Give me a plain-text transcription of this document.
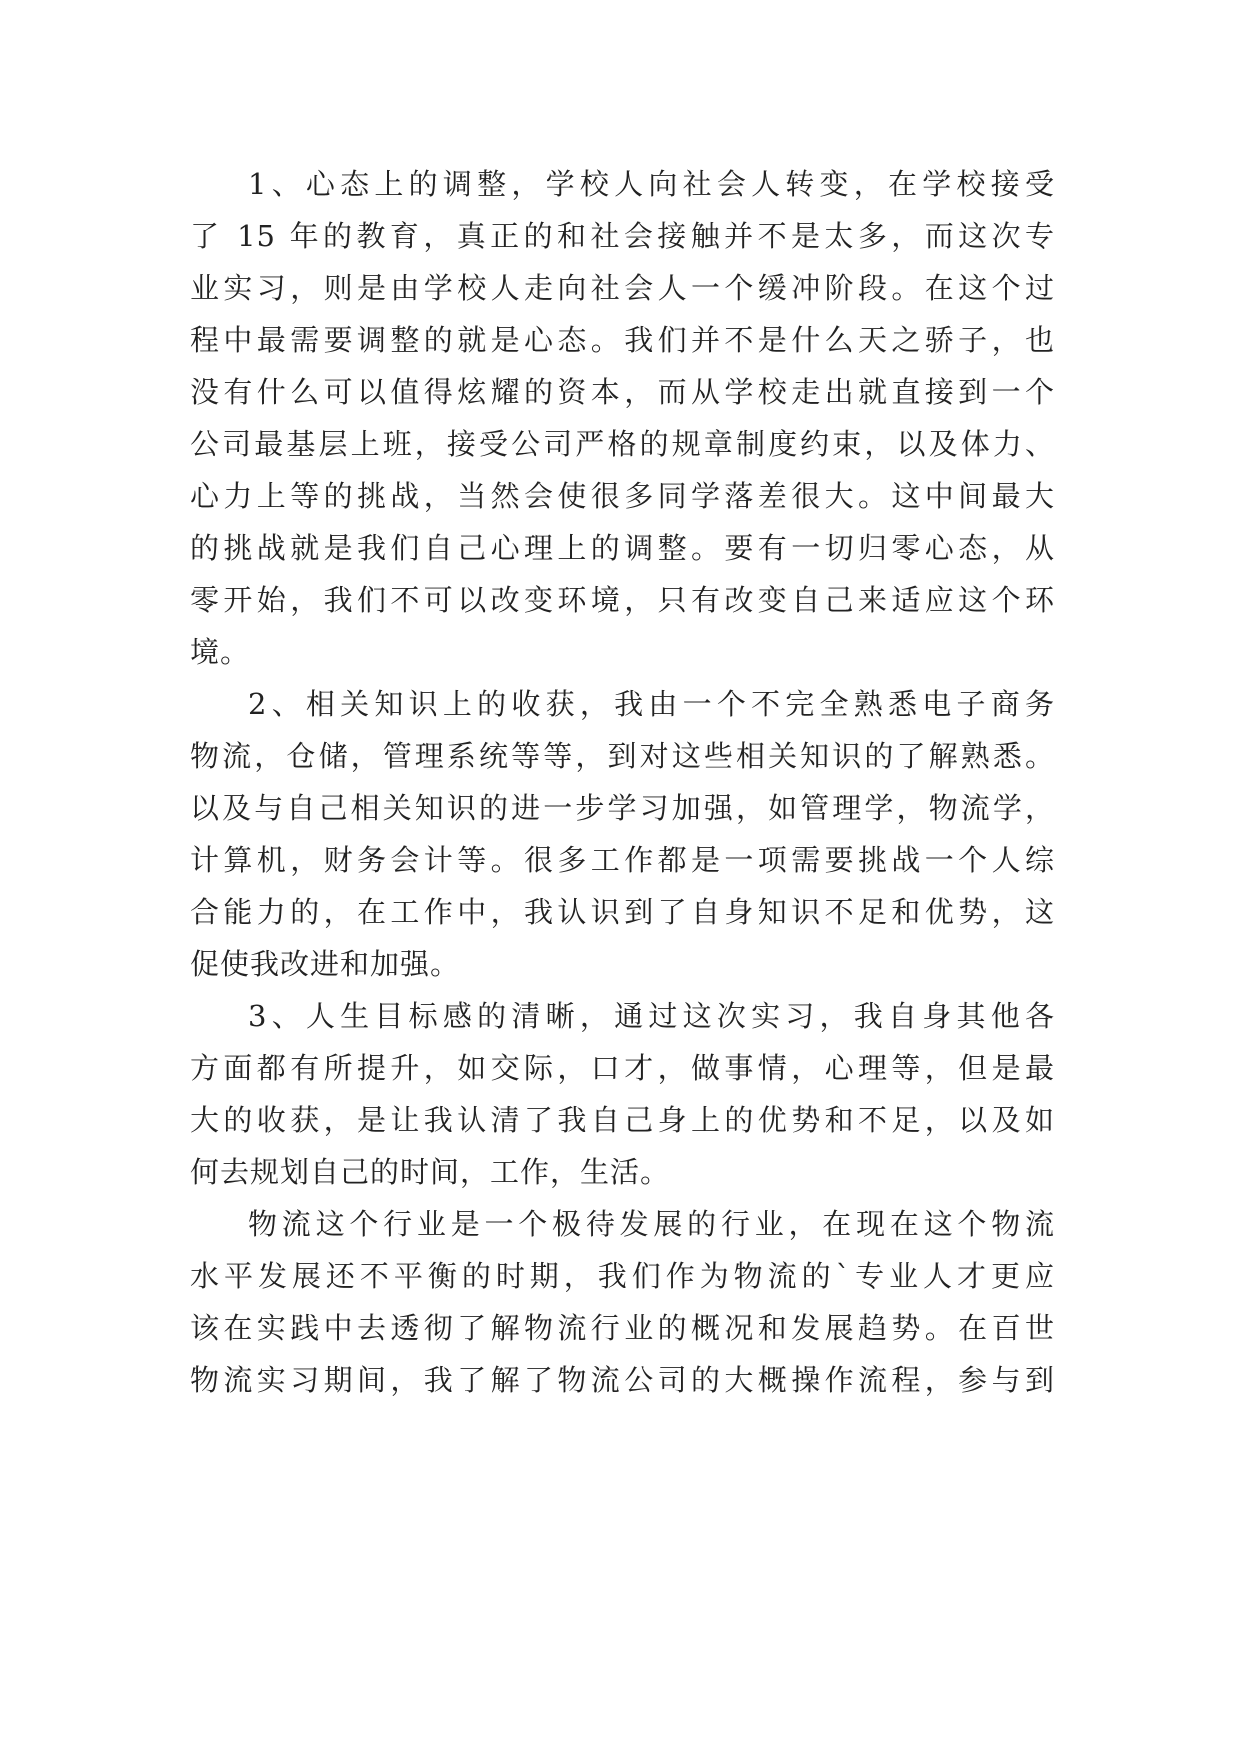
1、心态上的调整，学校人向社会人转变，在学校接受
了 15 年的教育，真正的和社会接触并不是太多，而这次专
业实习，则是由学校人走向社会人一个缓冲阶段。在这个过
程中最需要调整的就是心态。我们并不是什么天之骄子，也
没有什么可以值得炫耀的资本，而从学校走出就直接到一个
公司最基层上班，接受公司严格的规章制度约束，以及体力、
心力上等的挑战，当然会使很多同学落差很大。这中间最大
的挑战就是我们自己心理上的调整。要有一切归零心态，从
零开始，我们不可以改变环境，只有改变自己来适应这个环
境。
2、相关知识上的收获，我由一个不完全熟悉电子商务
物流，仓储，管理系统等等，到对这些相关知识的了解熟悉。
以及与自己相关知识的进一步学习加强，如管理学，物流学，
计算机，财务会计等。很多工作都是一项需要挑战一个人综
合能力的，在工作中，我认识到了自身知识不足和优势，这
促使我改进和加强。
3、人生目标感的清晰，通过这次实习，我自身其他各
方面都有所提升，如交际，口才，做事情，心理等，但是最
大的收获，是让我认清了我自己身上的优势和不足，以及如
何去规划自己的时间，工作，生活。
物流这个行业是一个极待发展的行业，在现在这个物流
水平发展还不平衡的时期，我们作为物流的`专业人才更应
该在实践中去透彻了解物流行业的概况和发展趋势。在百世
物流实习期间，我了解了物流公司的大概操作流程，参与到
